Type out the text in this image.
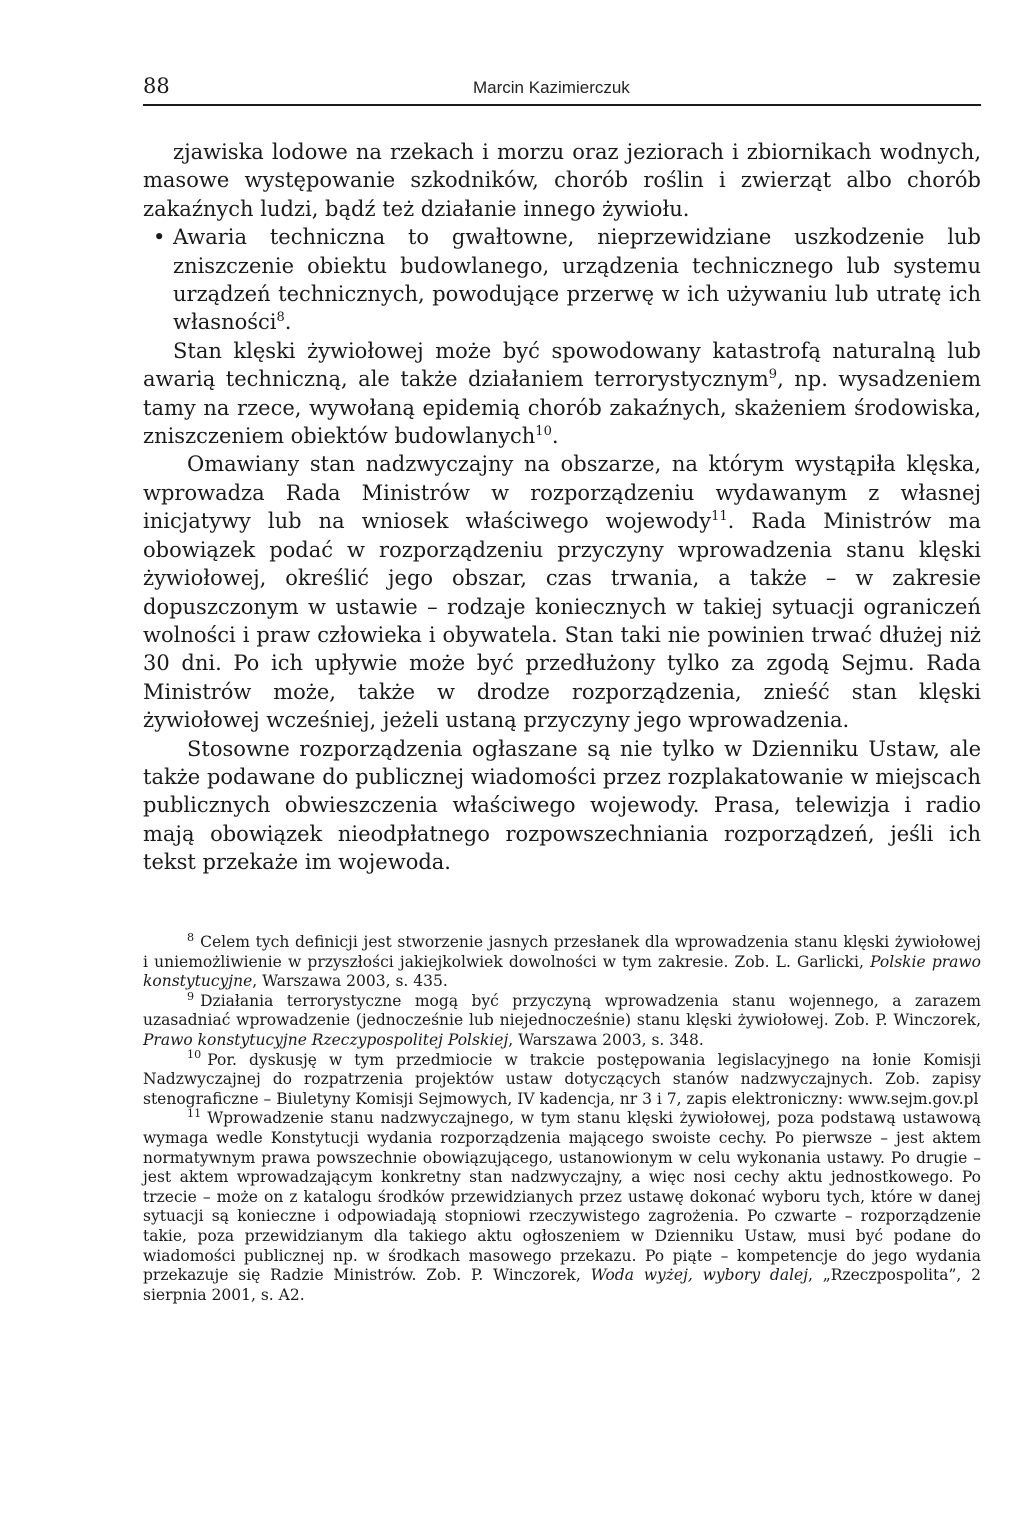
88	Marcin Kazimierczuk

zjawiska lodowe na rzekach i morzu oraz jeziorach i zbiornikach wodnych, masowe występowanie szkodników, chorób roślin i zwierząt albo chorób zakaźnych ludzi, bądź też działanie innego żywiołu.

• Awaria techniczna to gwałtowne, nieprzewidziane uszkodzenie lub zniszczenie obiektu budowlanego, urządzenia technicznego lub systemu urządzeń technicznych, powodujące przerwę w ich używaniu lub utratę ich własności$^8$.

Stan klęski żywiołowej może być spowodowany katastrofą naturalną lub awarią techniczną, ale także działaniem terrorystycznym$^9$, np. wysadzeniem tamy na rzece, wywołaną epidemią chorób zakaźnych, skażeniem środowiska, zniszczeniem obiektów budowlanych$^{10}$.

Omawiany stan nadzwyczajny na obszarze, na którym wystąpiła klęska, wprowadza Rada Ministrów w rozporządzeniu wydawanym z własnej inicjatywy lub na wniosek właściwego wojewody$^{11}$. Rada Ministrów ma obowiązek podać w rozporządzeniu przyczyny wprowadzenia stanu klęski żywiołowej, określić jego obszar, czas trwania, a także – w zakresie dopuszczonym w ustawie – rodzaje koniecznych w takiej sytuacji ograniczeń wolności i praw człowieka i obywatela. Stan taki nie powinien trwać dłużej niż 30 dni. Po ich upływie może być przedłużony tylko za zgodą Sejmu. Rada Ministrów może, także w drodze rozporządzenia, znieść stan klęski żywiołowej wcześniej, jeżeli ustaną przyczyny jego wprowadzenia.

Stosowne rozporządzenia ogłaszane są nie tylko w Dzienniku Ustaw, ale także podawane do publicznej wiadomości przez rozplakatowanie w miejscach publicznych obwieszczenia właściwego wojewody. Prasa, telewizja i radio mają obowiązek nieodpłatnego rozpowszechniania rozporządzeń, jeśli ich tekst przekaże im wojewoda.

$^8$ Celem tych definicji jest stworzenie jasnych przesłanek dla wprowadzenia stanu klęski żywiołowej i uniemożliwienie w przyszłości jakiejkolwiek dowolności w tym zakresie. Zob. L. Garlicki, Polskie prawo konstytucyjne, Warszawa 2003, s. 435.

$^9$ Działania terrorystyczne mogą być przyczyną wprowadzenia stanu wojennego, a zarazem uzasadniać wprowadzenie (jednocześnie lub niejednocześnie) stanu klęski żywiołowej. Zob. P. Winczorek, Prawo konstytucyjne Rzeczypospolitej Polskiej, Warszawa 2003, s. 348.

$^{10}$ Por. dyskusję w tym przedmiocie w trakcie postępowania legislacyjnego na łonie Komisji Nadzwyczajnej do rozpatrzenia projektów ustaw dotyczących stanów nadzwyczajnych. Zob. zapisy stenograficzne – Biuletyny Komisji Sejmowych, IV kadencja, nr 3 i 7, zapis elektroniczny: www.sejm.gov.pl

$^{11}$ Wprowadzenie stanu nadzwyczajnego, w tym stanu klęski żywiołowej, poza podstawą ustawową wymaga wedle Konstytucji wydania rozporządzenia mającego swoiste cechy. Po pierwsze – jest aktem normatywnym prawa powszechnie obowiązującego, ustanowionym w celu wykonania ustawy. Po drugie – jest aktem wprowadzającym konkretny stan nadzwyczajny, a więc nosi cechy aktu jednostkowego. Po trzecie – może on z katalogu środków przewidzianych przez ustawę dokonać wyboru tych, które w danej sytuacji są konieczne i odpowiadają stopniowi rzeczywistego zagrożenia. Po czwarte – rozporządzenie takie, poza przewidzianym dla takiego aktu ogłoszeniem w Dzienniku Ustaw, musi być podane do wiadomości publicznej np. w środkach masowego przekazu. Po piąte – kompetencje do jego wydania przekazuje się Radzie Ministrów. Zob. P. Winczorek, Woda wyżej, wybory dalej, „Rzeczpospolita”, 2 sierpnia 2001, s. A2.
